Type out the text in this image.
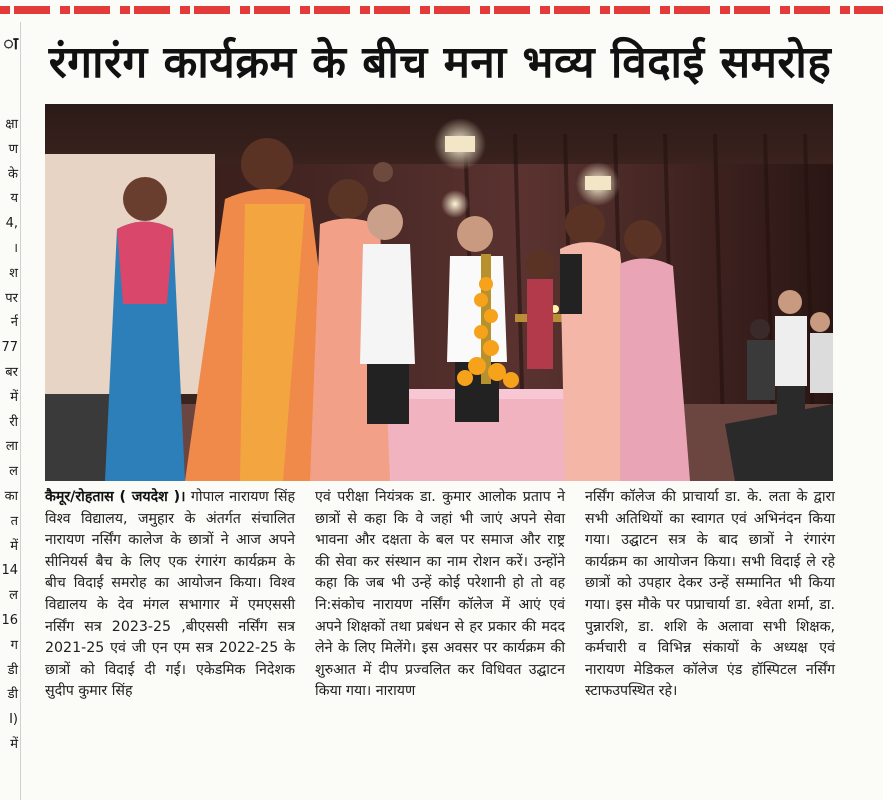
ा
क्षा
ण
के
य
4,
।
श
पर
र्न
77
बर
में
री
ला
ल
का
त
में
14
ल
16
ग
डी
डी
I)
में
रंगारंग कार्यक्रम के बीच मना भव्य विदाई समरोह

कैमूर/रोहतास ( जयदेश )। गोपाल नारायण सिंह विश्व विद्यालय, जमुहार के अंतर्गत संचालित नारायण नर्सिंग कालेज के छात्रों ने आज अपने सीनियर्स बैच के लिए एक रंगारंग कार्यक्रम के बीच विदाई समरोह का आयोजन किया। विश्व विद्यालय के देव मंगल सभागार में एमएससी नर्सिंग सत्र 2023-25 ,बीएससी नर्सिंग सत्र 2021-25 एवं जी एन एम सत्र 2022-25 के छात्रों को विदाई दी गई। एकेडमिक निदेशक सुदीप कुमार सिंह

एवं परीक्षा नियंत्रक डा. कुमार आलोक प्रताप ने छात्रों से कहा कि वे जहां भी जाएं अपने सेवा भावना और दक्षता के बल पर समाज और राष्ट्र की सेवा कर संस्थान का नाम रोशन करें। उन्होंने कहा कि जब भी उन्हें कोई परेशानी हो तो वह नि:संकोच नारायण नर्सिंग कॉलेज में आएं एवं अपने शिक्षकों तथा प्रबंधन से हर प्रकार की मदद लेने के लिए मिलेंगे। इस अवसर पर कार्यक्रम की शुरुआत में दीप प्रज्वलित कर विधिवत उद्घाटन किया गया। नारायण

नर्सिंग कॉलेज की प्राचार्या डा. के. लता के द्वारा सभी अतिथियों का स्वागत एवं अभिनंदन किया गया। उद्घाटन सत्र के बाद छात्रों ने रंगारंग कार्यक्रम का आयोजन किया। सभी विदाई ले रहे छात्रों को उपहार देकर उन्हें सम्मानित भी किया गया। इस मौके पर पप्राचार्या डा. श्वेता शर्मा, डा. पुन्नारशि, डा. शशि के अलावा सभी शिक्षक, कर्मचारी व विभिन्न संकायों के अध्यक्ष एवं नारायण मेडिकल कॉलेज एंड हॉस्पिटल नर्सिंग स्टाफउपस्थित रहे।
